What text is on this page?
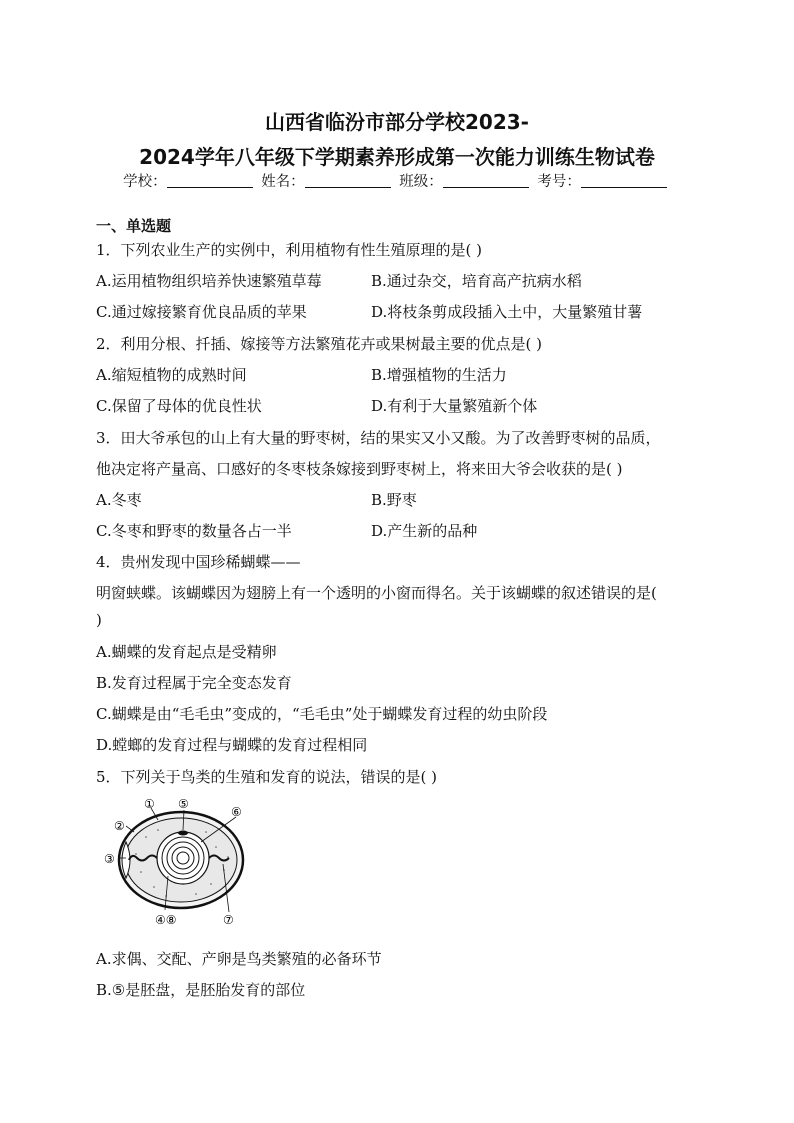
山西省临汾市部分学校2023-
2024学年八年级下学期素养形成第一次能力训练生物试卷
学校：	姓名：	班级：	考号：
一、单选题
1．下列农业生产的实例中，利用植物有性生殖原理的是( )
A.运用植物组织培养快速繁殖草莓	B.通过杂交，培育高产抗病水稻
C.通过嫁接繁育优良品质的苹果	D.将枝条剪成段插入土中，大量繁殖甘薯
2．利用分根、扦插、嫁接等方法繁殖花卉或果树最主要的优点是( )
A.缩短植物的成熟时间	B.增强植物的生活力
C.保留了母体的优良性状	D.有利于大量繁殖新个体
3．田大爷承包的山上有大量的野枣树，结的果实又小又酸。为了改善野枣树的品质，
他决定将产量高、口感好的冬枣枝条嫁接到野枣树上，将来田大爷会收获的是( )
A.冬枣	B.野枣
C.冬枣和野枣的数量各占一半	D.产生新的品种
4．贵州发现中国珍稀蝴蝶——
明窗蛱蝶。该蝴蝶因为翅膀上有一个透明的小窗而得名。关于该蝴蝶的叙述错误的是(
)
A.蝴蝶的发育起点是受精卵
B.发育过程属于完全变态发育
C.蝴蝶是由“毛毛虫”变成的，“毛毛虫”处于蝴蝶发育过程的幼虫阶段
D.螳螂的发育过程与蝴蝶的发育过程相同
5．下列关于鸟类的生殖和发育的说法，错误的是( )
①
②
③
④⑧
⑤
⑥
⑦
A.求偶、交配、产卵是鸟类繁殖的必备环节
B.⑤是胚盘，是胚胎发育的部位
